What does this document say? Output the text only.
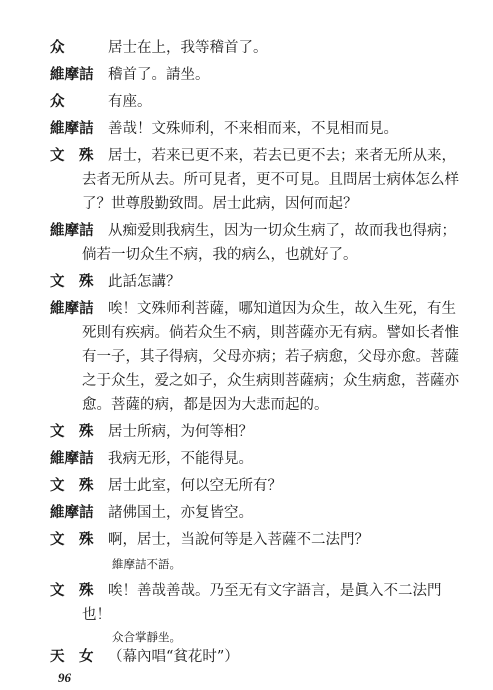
众	居士在上，我等稽首了。
維摩詰 稽首了。請坐。
众	有座。
維摩詰 善哉！文殊师利，不来相而来，不見相而見。
文　殊 居士，若来已更不来，若去已更不去；来者无所从来，
去者无所从去。所可見者，更不可見。且問居士病体怎么样
了？世尊殷勤致問。居士此病，因何而起？
維摩詰 从痴爱則我病生，因为一切众生病了，故而我也得病；
倘若一切众生不病，我的病么，也就好了。
文　殊 此話怎講？
維摩詰 唉！文殊师利菩薩，哪知道因为众生，故入生死，有生
死則有疾病。倘若众生不病，則菩薩亦无有病。譬如长者惟
有一子，其子得病，父母亦病；若子病愈，父母亦愈。菩薩
之于众生，爱之如子，众生病則菩薩病；众生病愈，菩薩亦
愈。菩薩的病，都是因为大悲而起的。
文　殊 居士所病，为何等相？
維摩詰 我病无形，不能得見。
文　殊 居士此室，何以空无所有？
維摩詰 諸佛国土，亦复皆空。
文　殊 啊，居士，当說何等是入菩薩不二法門？
維摩詰不語。
文　殊 唉！善哉善哉。乃至无有文字語言，是眞入不二法門
也！
众合掌靜坐。
天　女 （幕內唱“貧花时”）
96
